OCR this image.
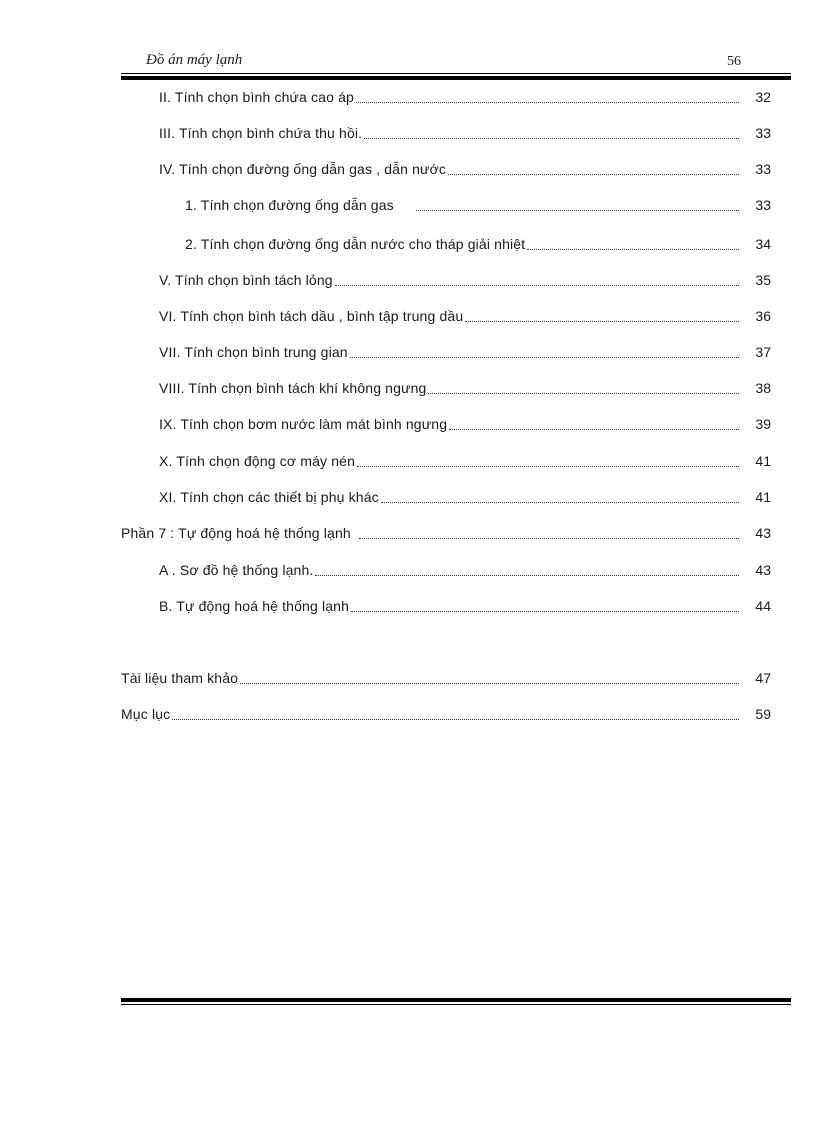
Đồ án máy lạnh	56
II. Tính chọn bình chứa cao áp	32
III. Tính chọn bình chứa thu hồi.	33
IV. Tính chọn đường ống dẫn gas , dẫn nước	33
1. Tính chọn đường ống dẫn gas	33
2. Tính chọn đường ống dẫn nước cho tháp giải nhiệt	34
V. Tính chọn bình tách lỏng	35
VI. Tính chọn bình tách dầu , bình tập trung dầu	36
VII. Tính chọn bình trung gian	37
VIII. Tính chọn bình tách khí không ngưng	38
IX. Tính chọn bơm nước làm mát bình ngưng	39
X. Tính chọn động cơ máy nén	41
XI. Tính chọn các thiết bị phụ khác	41
Phần 7 : Tự động hoá hệ thống lạnh	43
A . Sơ đồ hệ thống lạnh.	43
B. Tự động hoá hệ thống lạnh	44
Tài liệu tham khảo	47
Mục lục	59
